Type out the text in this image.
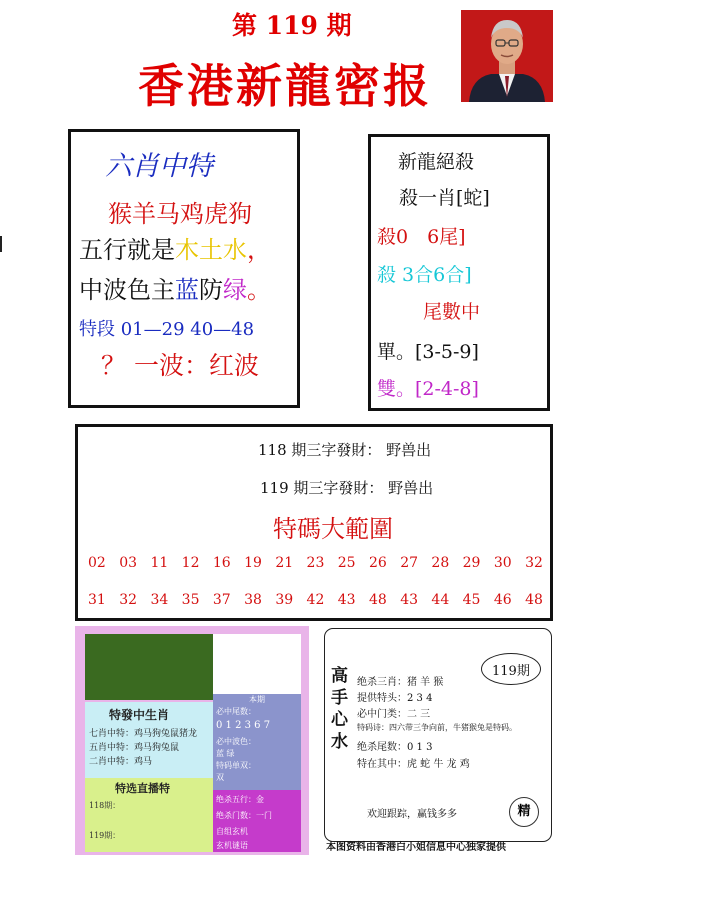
第 119 期
香港新龍密报
六肖中特
猴羊马鸡虎狗
五行就是木土水，
中波色主蓝防绿。
特段 01—29 40—48
？ 一波：红波
新龍絕殺
殺一肖[蛇]
殺0　6尾]
殺 3合6合]
尾數中
單。[3-5-9]
雙。[2-4-8]
118 期三字發財： 野兽出
119 期三字發財： 野兽出
特碼大範圍
02 03 11 12 16 19 21 23 25 26 27 28 29 30 32
31 32 34 35 37 38 39 42 43 48 43 44 45 46 48
特發中生肖
七肖中特：鸡马狗兔鼠猪龙
五肖中特：鸡马狗兔鼠
二肖中特：鸡马
特选直播特
118期：
119期：
本期
必中尾数：
0 1 2 3 6 7
必中波色：
蓝 绿
特码单双：
双
绝杀五行：金
绝杀门数：一门
自组玄机
玄机谜语
高手心水
119期
绝杀三肖：猪 羊 猴
提供特头：2 3 4
必中门类：二 三
特码诗：四六带三争向前，牛猪猴兔是特码。
绝杀尾数：0 1 3
特在其中：虎 蛇 牛 龙 鸡
欢迎跟踪，赢钱多多	精
本图资料由香港白小姐信息中心独家提供
